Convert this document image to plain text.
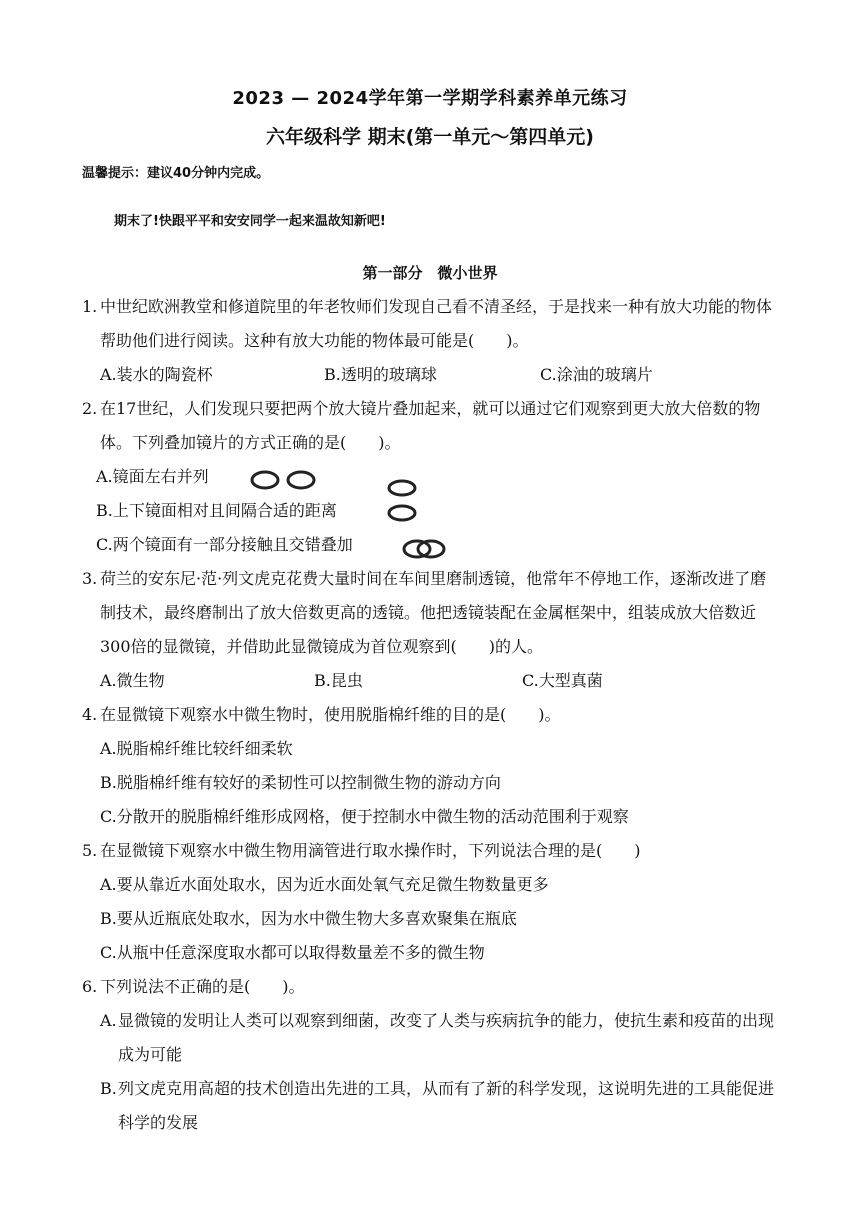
2023 — 2024学年第一学期学科素养单元练习
六年级科学 期末(第一单元～第四单元)
温馨提示：建议40分钟内完成。
期末了!快跟平平和安安同学一起来温故知新吧!
第一部分　微小世界
1. 中世纪欧洲教堂和修道院里的年老牧师们发现自己看不清圣经，于是找来一种有放大功能的物体帮助他们进行阅读。这种有放大功能的物体最可能是(　　)。
A.装水的陶瓷杯	B.透明的玻璃球	C.涂油的玻璃片
2. 在17世纪，人们发现只要把两个放大镜片叠加起来，就可以通过它们观察到更大放大倍数的物体。下列叠加镜片的方式正确的是(　　)。
A.镜面左右并列
B.上下镜面相对且间隔合适的距离
C.两个镜面有一部分接触且交错叠加
3. 荷兰的安东尼·范·列文虎克花费大量时间在车间里磨制透镜，他常年不停地工作，逐渐改进了磨制技术，最终磨制出了放大倍数更高的透镜。他把透镜装配在金属框架中，组装成放大倍数近300倍的显微镜，并借助此显微镜成为首位观察到(　　)的人。
A.微生物	B.昆虫	C.大型真菌
4. 在显微镜下观察水中微生物时，使用脱脂棉纤维的目的是(　　)。
A.脱脂棉纤维比较纤细柔软
B.脱脂棉纤维有较好的柔韧性可以控制微生物的游动方向
C.分散开的脱脂棉纤维形成网格，便于控制水中微生物的活动范围利于观察
5. 在显微镜下观察水中微生物用滴管进行取水操作时，下列说法合理的是(　　)
A.要从靠近水面处取水，因为近水面处氧气充足微生物数量更多
B.要从近瓶底处取水，因为水中微生物大多喜欢聚集在瓶底
C.从瓶中任意深度取水都可以取得数量差不多的微生物
6. 下列说法不正确的是(　　)。
A. 显微镜的发明让人类可以观察到细菌，改变了人类与疾病抗争的能力，使抗生素和疫苗的出现成为可能
B. 列文虎克用高超的技术创造出先进的工具，从而有了新的科学发现，这说明先进的工具能促进科学的发展
